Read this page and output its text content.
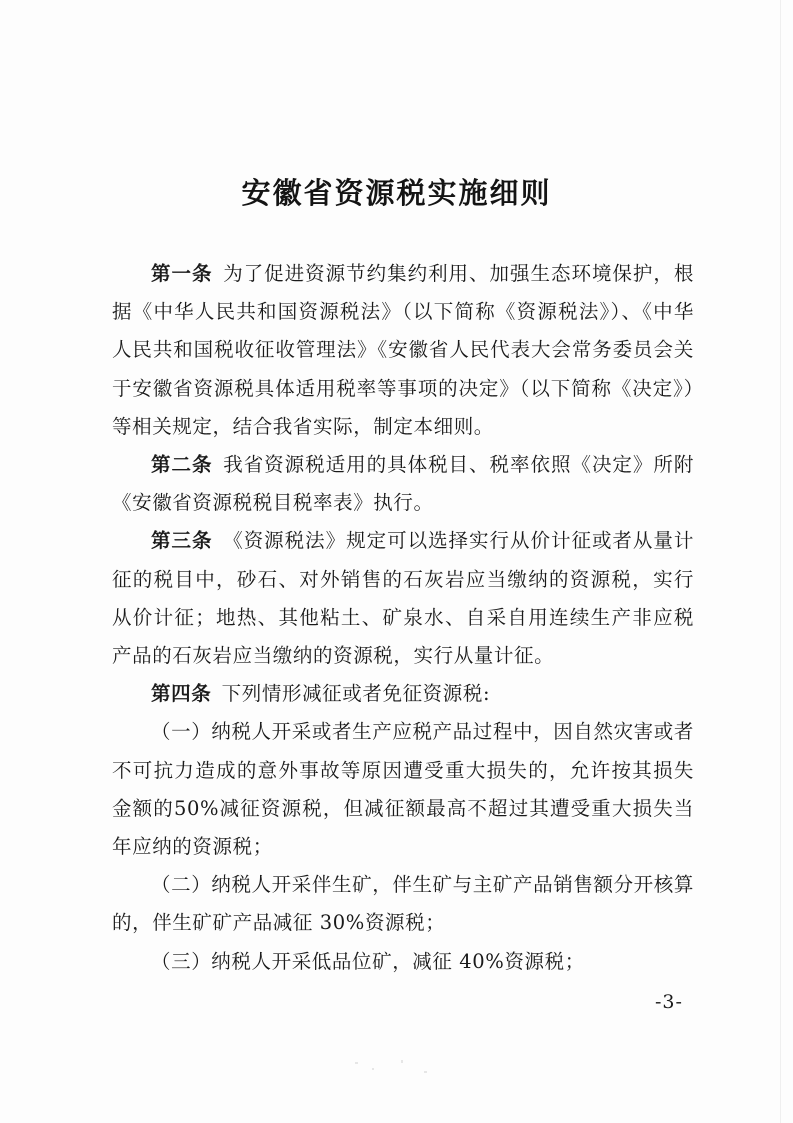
安徽省资源税实施细则

第一条  为了促进资源节约集约利用、加强生态环境保护，根据《中华人民共和国资源税法》（以下简称《资源税法》）、《中华人民共和国税收征收管理法》《安徽省人民代表大会常务委员会关于安徽省资源税具体适用税率等事项的决定》（以下简称《决定》）等相关规定，结合我省实际，制定本细则。

第二条  我省资源税适用的具体税目、税率依照《决定》所附《安徽省资源税税目税率表》执行。

第三条  《资源税法》规定可以选择实行从价计征或者从量计征的税目中，砂石、对外销售的石灰岩应当缴纳的资源税，实行从价计征；地热、其他粘土、矿泉水、自采自用连续生产非应税产品的石灰岩应当缴纳的资源税，实行从量计征。

第四条  下列情形减征或者免征资源税:

（一）纳税人开采或者生产应税产品过程中，因自然灾害或者不可抗力造成的意外事故等原因遭受重大损失的，允许按其损失金额的50%减征资源税，但减征额最高不超过其遭受重大损失当年应纳的资源税；

（二）纳税人开采伴生矿，伴生矿与主矿产品销售额分开核算的，伴生矿矿产品减征 30%资源税；

（三）纳税人开采低品位矿，减征 40%资源税；

-3-
